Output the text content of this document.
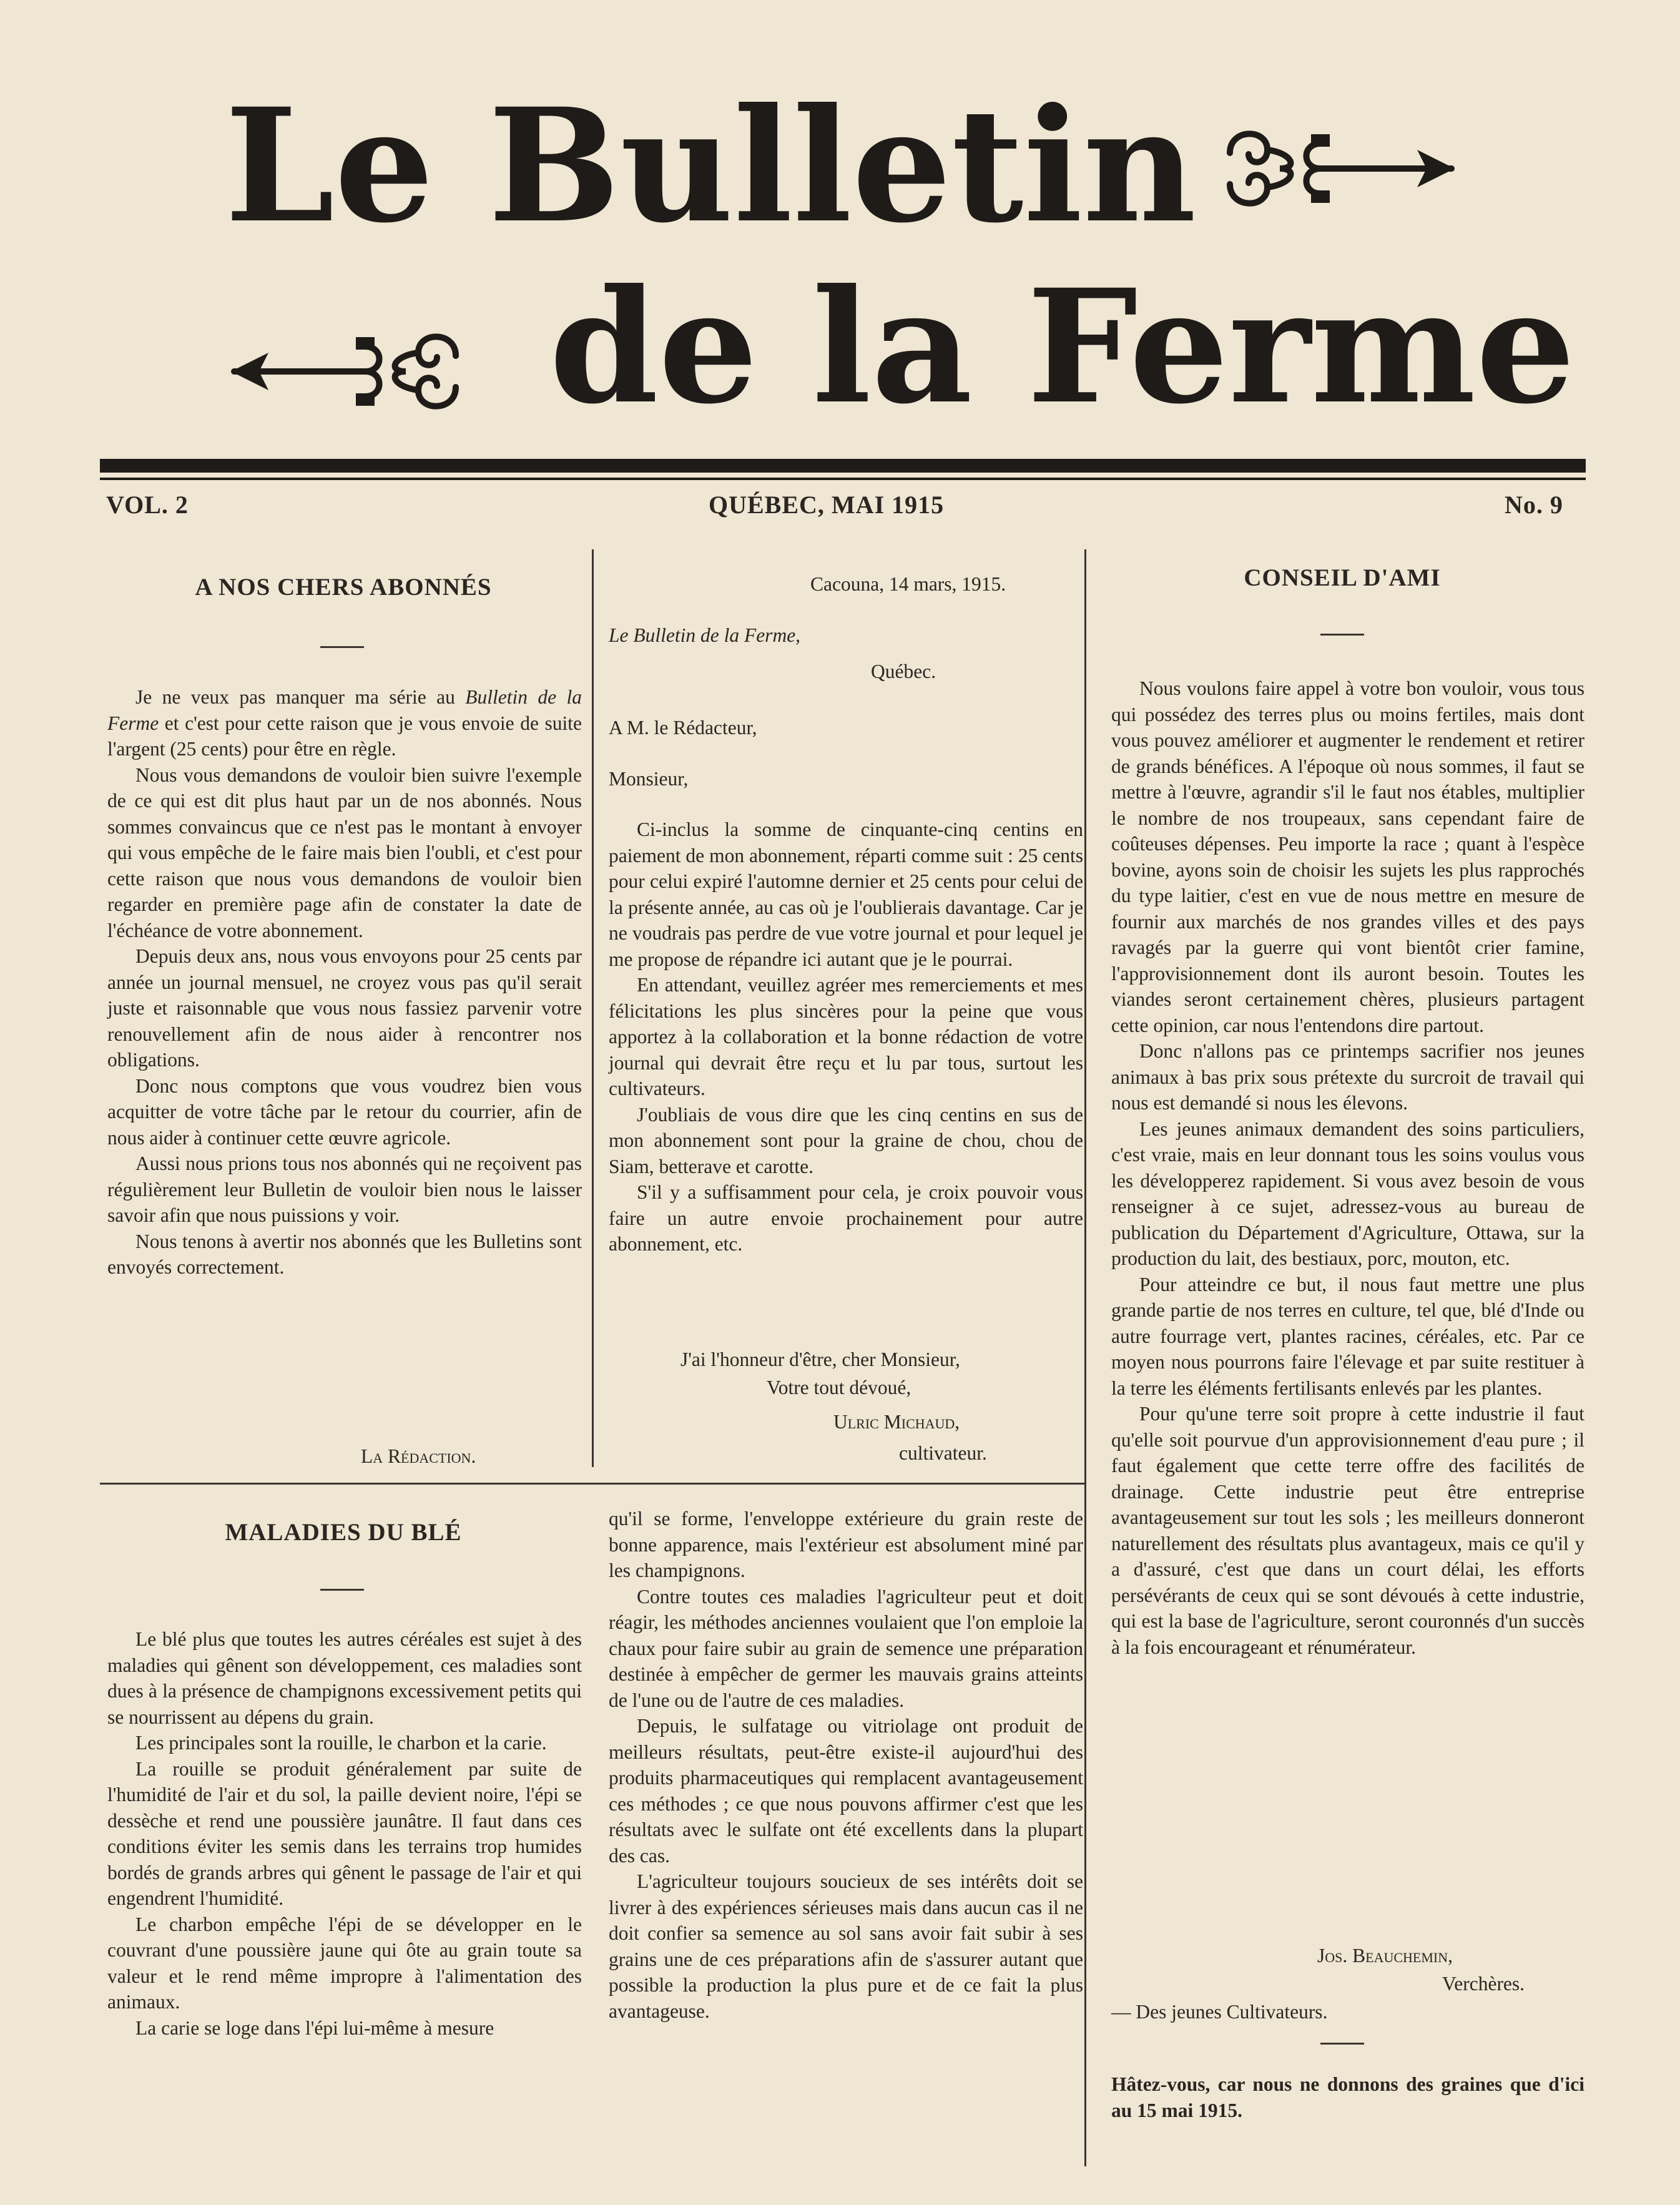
Le Bulletin
de la Ferme
VOL. 2	QUÉBEC, MAI 1915	No. 9
A NOS CHERS ABONNÉS

Je ne veux pas manquer ma série au Bulletin de la Ferme et c'est pour cette raison que je vous envoie de suite l'argent (25 cents) pour être en règle.

Nous vous demandons de vouloir bien suivre l'exemple de ce qui est dit plus haut par un de nos abonnés. Nous sommes convaincus que ce n'est pas le montant à envoyer qui vous empêche de le faire mais bien l'oubli, et c'est pour cette raison que nous vous demandons de vouloir bien regarder en première page afin de constater la date de l'échéance de votre abonnement.

Depuis deux ans, nous vous envoyons pour 25 cents par année un journal mensuel, ne croyez vous pas qu'il serait juste et raisonnable que vous nous fassiez parvenir votre renouvellement afin de nous aider à rencontrer nos obligations.

Donc nous comptons que vous voudrez bien vous acquitter de votre tâche par le retour du courrier, afin de nous aider à continuer cette œuvre agricole.

Aussi nous prions tous nos abonnés qui ne reçoivent pas régulièrement leur Bulletin de vouloir bien nous le laisser savoir afin que nous puissions y voir.

Nous tenons à avertir nos abonnés que les Bulletins sont envoyés correctement.

La Rédaction.
Cacouna, 14 mars, 1915.
Le Bulletin de la Ferme,
Québec.
A M. le Rédacteur,
Monsieur,

Ci-inclus la somme de cinquante-cinq centins en paiement de mon abonnement, réparti comme suit : 25 cents pour celui expiré l'automne dernier et 25 cents pour celui de la présente année, au cas où je l'oublierais davantage. Car je ne voudrais pas perdre de vue votre journal et pour lequel je me propose de répandre ici autant que je le pourrai.

En attendant, veuillez agréer mes remerciements et mes félicitations les plus sincères pour la peine que vous apportez à la collaboration et la bonne rédaction de votre journal qui devrait être reçu et lu par tous, surtout les cultivateurs.

J'oubliais de vous dire que les cinq centins en sus de mon abonnement sont pour la graine de chou, chou de Siam, betterave et carotte.

S'il y a suffisamment pour cela, je croix pouvoir vous faire un autre envoie prochainement pour autre abonnement, etc.

J'ai l'honneur d'être, cher Monsieur,
Votre tout dévoué,
Ulric Michaud,
cultivateur.
CONSEIL D'AMI

Nous voulons faire appel à votre bon vouloir, vous tous qui possédez des terres plus ou moins fertiles, mais dont vous pouvez améliorer et augmenter le rendement et retirer de grands bénéfices. A l'époque où nous sommes, il faut se mettre à l'œuvre, agrandir s'il le faut nos étables, multiplier le nombre de nos troupeaux, sans cependant faire de coûteuses dépenses. Peu importe la race ; quant à l'espèce bovine, ayons soin de choisir les sujets les plus rapprochés du type laitier, c'est en vue de nous mettre en mesure de fournir aux marchés de nos grandes villes et des pays ravagés par la guerre qui vont bientôt crier famine, l'approvisionnement dont ils auront besoin. Toutes les viandes seront certainement chères, plusieurs partagent cette opinion, car nous l'entendons dire partout.

Donc n'allons pas ce printemps sacrifier nos jeunes animaux à bas prix sous prétexte du surcroit de travail qui nous est demandé si nous les élevons.

Les jeunes animaux demandent des soins particuliers, c'est vraie, mais en leur donnant tous les soins voulus vous les développerez rapidement. Si vous avez besoin de vous renseigner à ce sujet, adressez-vous au bureau de publication du Département d'Agriculture, Ottawa, sur la production du lait, des bestiaux, porc, mouton, etc.

Pour atteindre ce but, il nous faut mettre une plus grande partie de nos terres en culture, tel que, blé d'Inde ou autre fourrage vert, plantes racines, céréales, etc. Par ce moyen nous pourrons faire l'élevage et par suite restituer à la terre les éléments fertilisants enlevés par les plantes.

Pour qu'une terre soit propre à cette industrie il faut qu'elle soit pourvue d'un approvisionnement d'eau pure ; il faut également que cette terre offre des facilités de drainage. Cette industrie peut être entreprise avantageusement sur tout les sols ; les meilleurs donneront naturellement des résultats plus avantageux, mais ce qu'il y a d'assuré, c'est que dans un court délai, les efforts persévérants de ceux qui se sont dévoués à cette industrie, qui est la base de l'agriculture, seront couronnés d'un succès à la fois encourageant et rénumérateur.

Jos. Beauchemin,
Verchères.
— Des jeunes Cultivateurs.
Hâtez-vous, car nous ne donnons des graines que d'ici au 15 mai 1915.
MALADIES DU BLÉ

Le blé plus que toutes les autres céréales est sujet à des maladies qui gênent son développement, ces maladies sont dues à la présence de champignons excessivement petits qui se nourrissent au dépens du grain.

Les principales sont la rouille, le charbon et la carie.

La rouille se produit généralement par suite de l'humidité de l'air et du sol, la paille devient noire, l'épi se dessèche et rend une poussière jaunâtre. Il faut dans ces conditions éviter les semis dans les terrains trop humides bordés de grands arbres qui gênent le passage de l'air et qui engendrent l'humidité.

Le charbon empêche l'épi de se développer en le couvrant d'une poussière jaune qui ôte au grain toute sa valeur et le rend même impropre à l'alimentation des animaux.

La carie se loge dans l'épi lui-même à mesure

qu'il se forme, l'enveloppe extérieure du grain reste de bonne apparence, mais l'extérieur est absolument miné par les champignons.

Contre toutes ces maladies l'agriculteur peut et doit réagir, les méthodes anciennes voulaient que l'on emploie la chaux pour faire subir au grain de semence une préparation destinée à empêcher de germer les mauvais grains atteints de l'une ou de l'autre de ces maladies.

Depuis, le sulfatage ou vitriolage ont produit de meilleurs résultats, peut-être existe-il aujourd'hui des produits pharmaceutiques qui remplacent avantageusement ces méthodes ; ce que nous pouvons affirmer c'est que les résultats avec le sulfate ont été excellents dans la plupart des cas.

L'agriculteur toujours soucieux de ses intérêts doit se livrer à des expériences sérieuses mais dans aucun cas il ne doit confier sa semence au sol sans avoir fait subir à ses grains une de ces préparations afin de s'assurer autant que possible la production la plus pure et de ce fait la plus avantageuse.
